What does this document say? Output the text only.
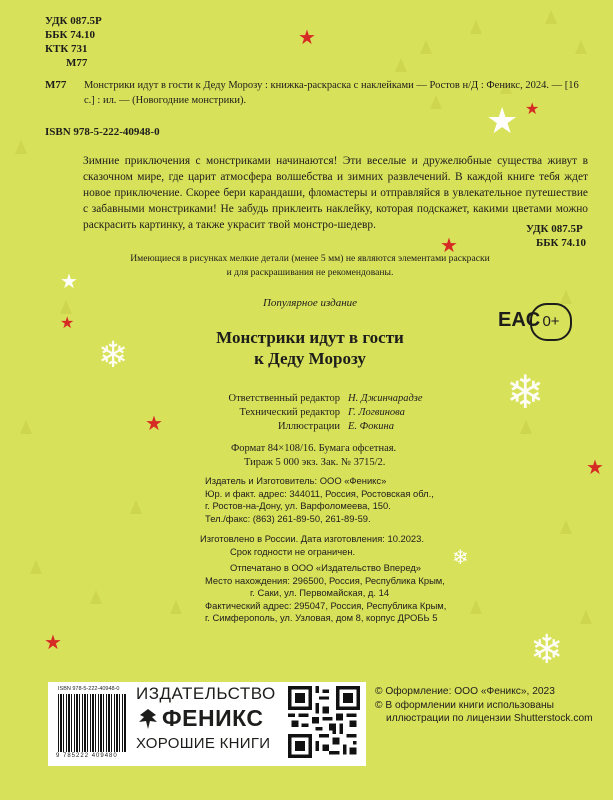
★
★
★
★
★
★
❄
★
❄
★
❄
★	❄
УДК 087.5Р
ББК 74.10
КТК 731
М77
М77 Монстрики идут в гости к Деду Морозу : книжка-раскраска с наклейками — Ростов н/Д : Феникс, 2024. — [16 с.] : ил. — (Новогодние монстрики).
ISBN 978-5-222-40948-0
Зимние приключения с монстриками начинаются! Эти веселые и дружелюбные существа живут в сказочном мире, где царит атмосфера волшебства и зимних развлечений. В каждой книге тебя ждет новое приключение. Скорее бери карандаши, фломастеры и отправляйся в увлекательное путешествие с забавными монстриками! Не забудь приклеить наклейку, которая подскажет, какими цветами можно раскрасить картинку, а также украсит твой монстро-шедевр.	УДК 087.5Р
ББК 74.10
Имеющиеся в рисунках мелкие детали (менее 5 мм) не являются элементами раскраски
и для раскрашивания не рекомендованы.
Популярное издание
Монстрики идут в гости
к Деду Морозу
EAC 0+
Ответственный редактор Н. Джинчарадзе
Технический редактор Г. Логвинова
Иллюстрации Е. Фокина
Формат 84×108/16. Бумага офсетная.
Тираж 5 000 экз. Зак. № 3715/2.
Издатель и Изготовитель: ООО «Феникс»
Юр. и факт. адрес: 344011, Россия, Ростовская обл.,
г. Ростов-на-Дону, ул. Варфоломеева, 150.
Тел./факс: (863) 261-89-50, 261-89-59.
Изготовлено в России. Дата изготовления: 10.2023.
Срок годности не ограничен.
Отпечатано в ООО «Издательство Вперед»
Место нахождения: 296500, Россия, Республика Крым,
г. Саки, ул. Первомайская, д. 14
Фактический адрес: 295047, Россия, Республика Крым,
г. Симферополь, ул. Узловая, дом 8, корпус ДРОБЬ 5
ISBN 978-5-222-40948-0
9 785222 409480
ИЗДАТЕЛЬСТВО
ФЕНИКС
ХОРОШИЕ КНИГИ
© Оформление: ООО «Феникс», 2023
© В оформлении книги использованы
иллюстрации по лицензии Shutterstock.com
